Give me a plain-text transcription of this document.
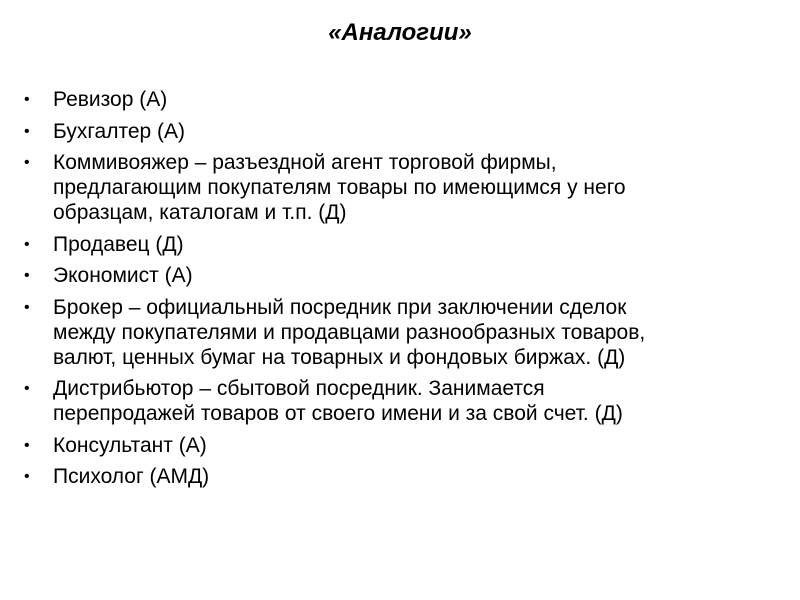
«Аналогии»
•	Ревизор (А)
•	Бухгалтер (А)
•	Коммивояжер – разъездной агент торговой фирмы,
предлагающим покупателям товары по имеющимся у него
образцам, каталогам и т.п. (Д)
•	Продавец (Д)
•	Экономист (А)
•	Брокер – официальный посредник при заключении сделок
между покупателями и продавцами разнообразных товаров,
валют, ценных бумаг на товарных и фондовых биржах. (Д)
•	Дистрибьютор – сбытовой посредник. Занимается
перепродажей товаров от своего имени и за свой счет. (Д)
•	Консультант (А)
•	Психолог (АМД)
